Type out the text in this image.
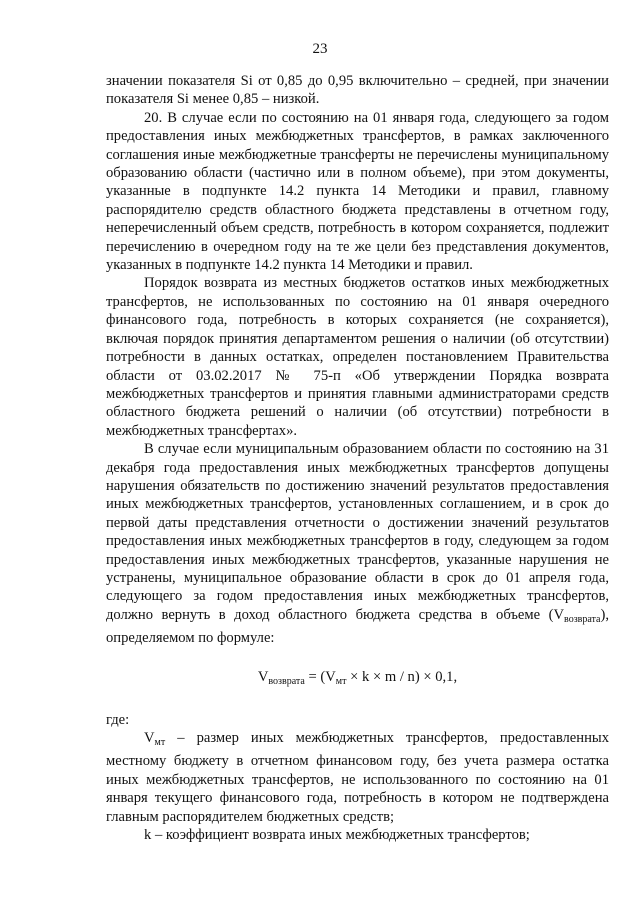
23

значении показателя Si от 0,85 до 0,95 включительно – средней, при значении показателя Si менее 0,85 – низкой.

20. В случае если по состоянию на 01 января года, следующего за годом предоставления иных межбюджетных трансфертов, в рамках заключенного соглашения иные межбюджетные трансферты не перечислены муниципальному образованию области (частично или в полном объеме), при этом документы, указанные в подпункте 14.2 пункта 14 Методики и правил, главному распорядителю средств областного бюджета представлены в отчетном году, неперечисленный объем средств, потребность в котором сохраняется, подлежит перечислению в очередном году на те же цели без представления документов, указанных в подпункте 14.2 пункта 14 Методики и правил.

Порядок возврата из местных бюджетов остатков иных межбюджетных трансфертов, не использованных по состоянию на 01 января очередного финансового года, потребность в которых сохраняется (не сохраняется), включая порядок принятия департаментом решения о наличии (об отсутствии) потребности в данных остатках, определен постановлением Правительства области от 03.02.2017 № 75-п «Об утверждении Порядка возврата межбюджетных трансфертов и принятия главными администраторами средств областного бюджета решений о наличии (об отсутствии) потребности в межбюджетных трансфертах».

В случае если муниципальным образованием области по состоянию на 31 декабря года предоставления иных межбюджетных трансфертов допущены нарушения обязательств по достижению значений результатов предоставления иных межбюджетных трансфертов, установленных соглашением, и в срок до первой даты представления отчетности о достижении значений результатов предоставления иных межбюджетных трансфертов в году, следующем за годом предоставления иных межбюджетных трансфертов, указанные нарушения не устранены, муниципальное образование области в срок до 01 апреля года, следующего за годом предоставления иных межбюджетных трансфертов, должно вернуть в доход областного бюджета средства в объеме $(V_{возврата})$, определяемом по формуле:

$V_{возврата} = (V_{мт} \times k \times m / n) \times 0,1$,

где:

$V_{мт}$ – размер иных межбюджетных трансфертов, предоставленных местному бюджету в отчетном финансовом году, без учета размера остатка иных межбюджетных трансфертов, не использованного по состоянию на 01 января текущего финансового года, потребность в котором не подтверждена главным распорядителем бюджетных средств;

k – коэффициент возврата иных межбюджетных трансфертов;
